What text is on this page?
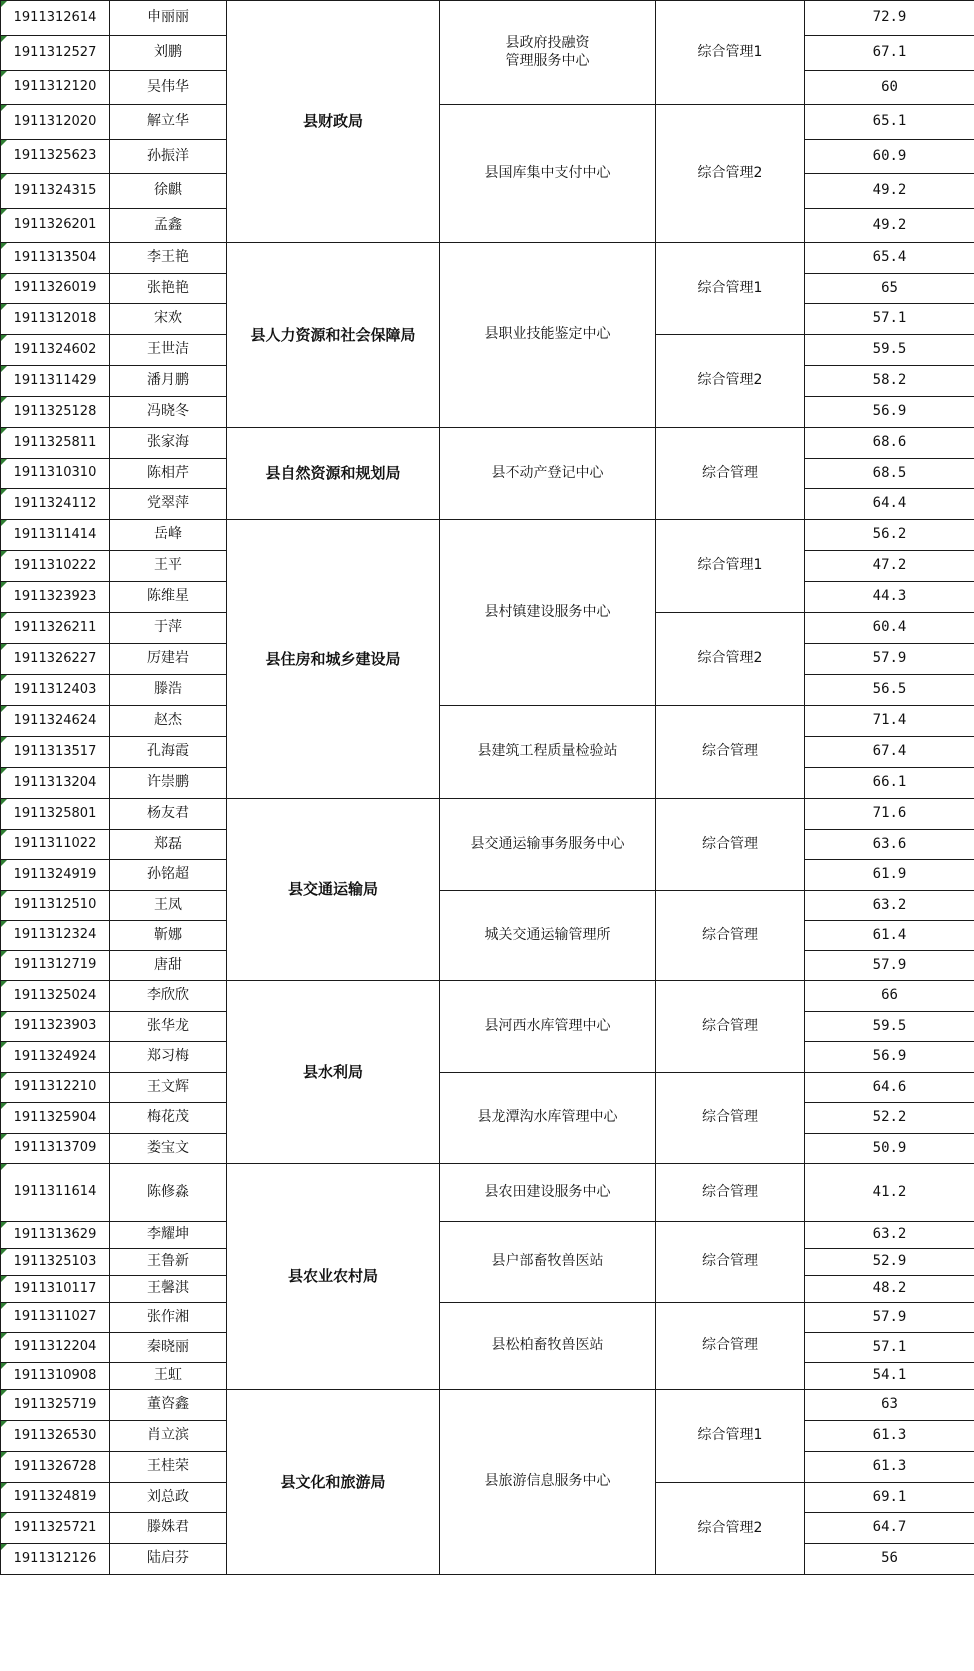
1911312614	申丽丽	县财政局	县政府投融资
管理服务中心	综合管理1	72.9
1911312527	刘鹏				67.1
1911312120	吴伟华				60
1911312020	解立华		县国库集中支付中心	综合管理2	65.1
1911325623	孙振洋				60.9
1911324315	徐麒				49.2
1911326201	孟鑫				49.2
1911313504	李王艳	县人力资源和社会保障局	县职业技能鉴定中心	综合管理1	65.4
1911326019	张艳艳				65
1911312018	宋欢				57.1
1911324602	王世洁			综合管理2	59.5
1911311429	潘月鹏				58.2
1911325128	冯晓冬				56.9
1911325811	张家海	县自然资源和规划局	县不动产登记中心	综合管理	68.6
1911310310	陈相芹				68.5
1911324112	党翠萍				64.4
1911311414	岳峰	县住房和城乡建设局	县村镇建设服务中心	综合管理1	56.2
1911310222	王平				47.2
1911323923	陈维星				44.3
1911326211	于萍			综合管理2	60.4
1911326227	厉建岩				57.9
1911312403	滕浩				56.5
1911324624	赵杰		县建筑工程质量检验站	综合管理	71.4
1911313517	孔海霞				67.4
1911313204	许崇鹏				66.1
1911325801	杨友君	县交通运输局	县交通运输事务服务中心	综合管理	71.6
1911311022	郑磊				63.6
1911324919	孙铭超				61.9
1911312510	王凤		城关交通运输管理所	综合管理	63.2
1911312324	靳娜				61.4
1911312719	唐甜				57.9
1911325024	李欣欣	县水利局	县河西水库管理中心	综合管理	66
1911323903	张华龙				59.5
1911324924	郑习梅				56.9
1911312210	王文辉		县龙潭沟水库管理中心	综合管理	64.6
1911325904	梅花茂				52.2
1911313709	娄宝文				50.9
1911311614	陈修淼	县农业农村局	县农田建设服务中心	综合管理	41.2
1911313629	李耀坤		县户部畜牧兽医站	综合管理	63.2
1911325103	王鲁新				52.9
1911310117	王馨淇				48.2
1911311027	张作湘		县松柏畜牧兽医站	综合管理	57.9
1911312204	秦晓丽				57.1
1911310908	王虹				54.1
1911325719	董咨鑫	县文化和旅游局	县旅游信息服务中心	综合管理1	63
1911326530	肖立滨				61.3
1911326728	王桂荣				61.3
1911324819	刘总政			综合管理2	69.1
1911325721	滕姝君				64.7
1911312126	陆启芬				56
